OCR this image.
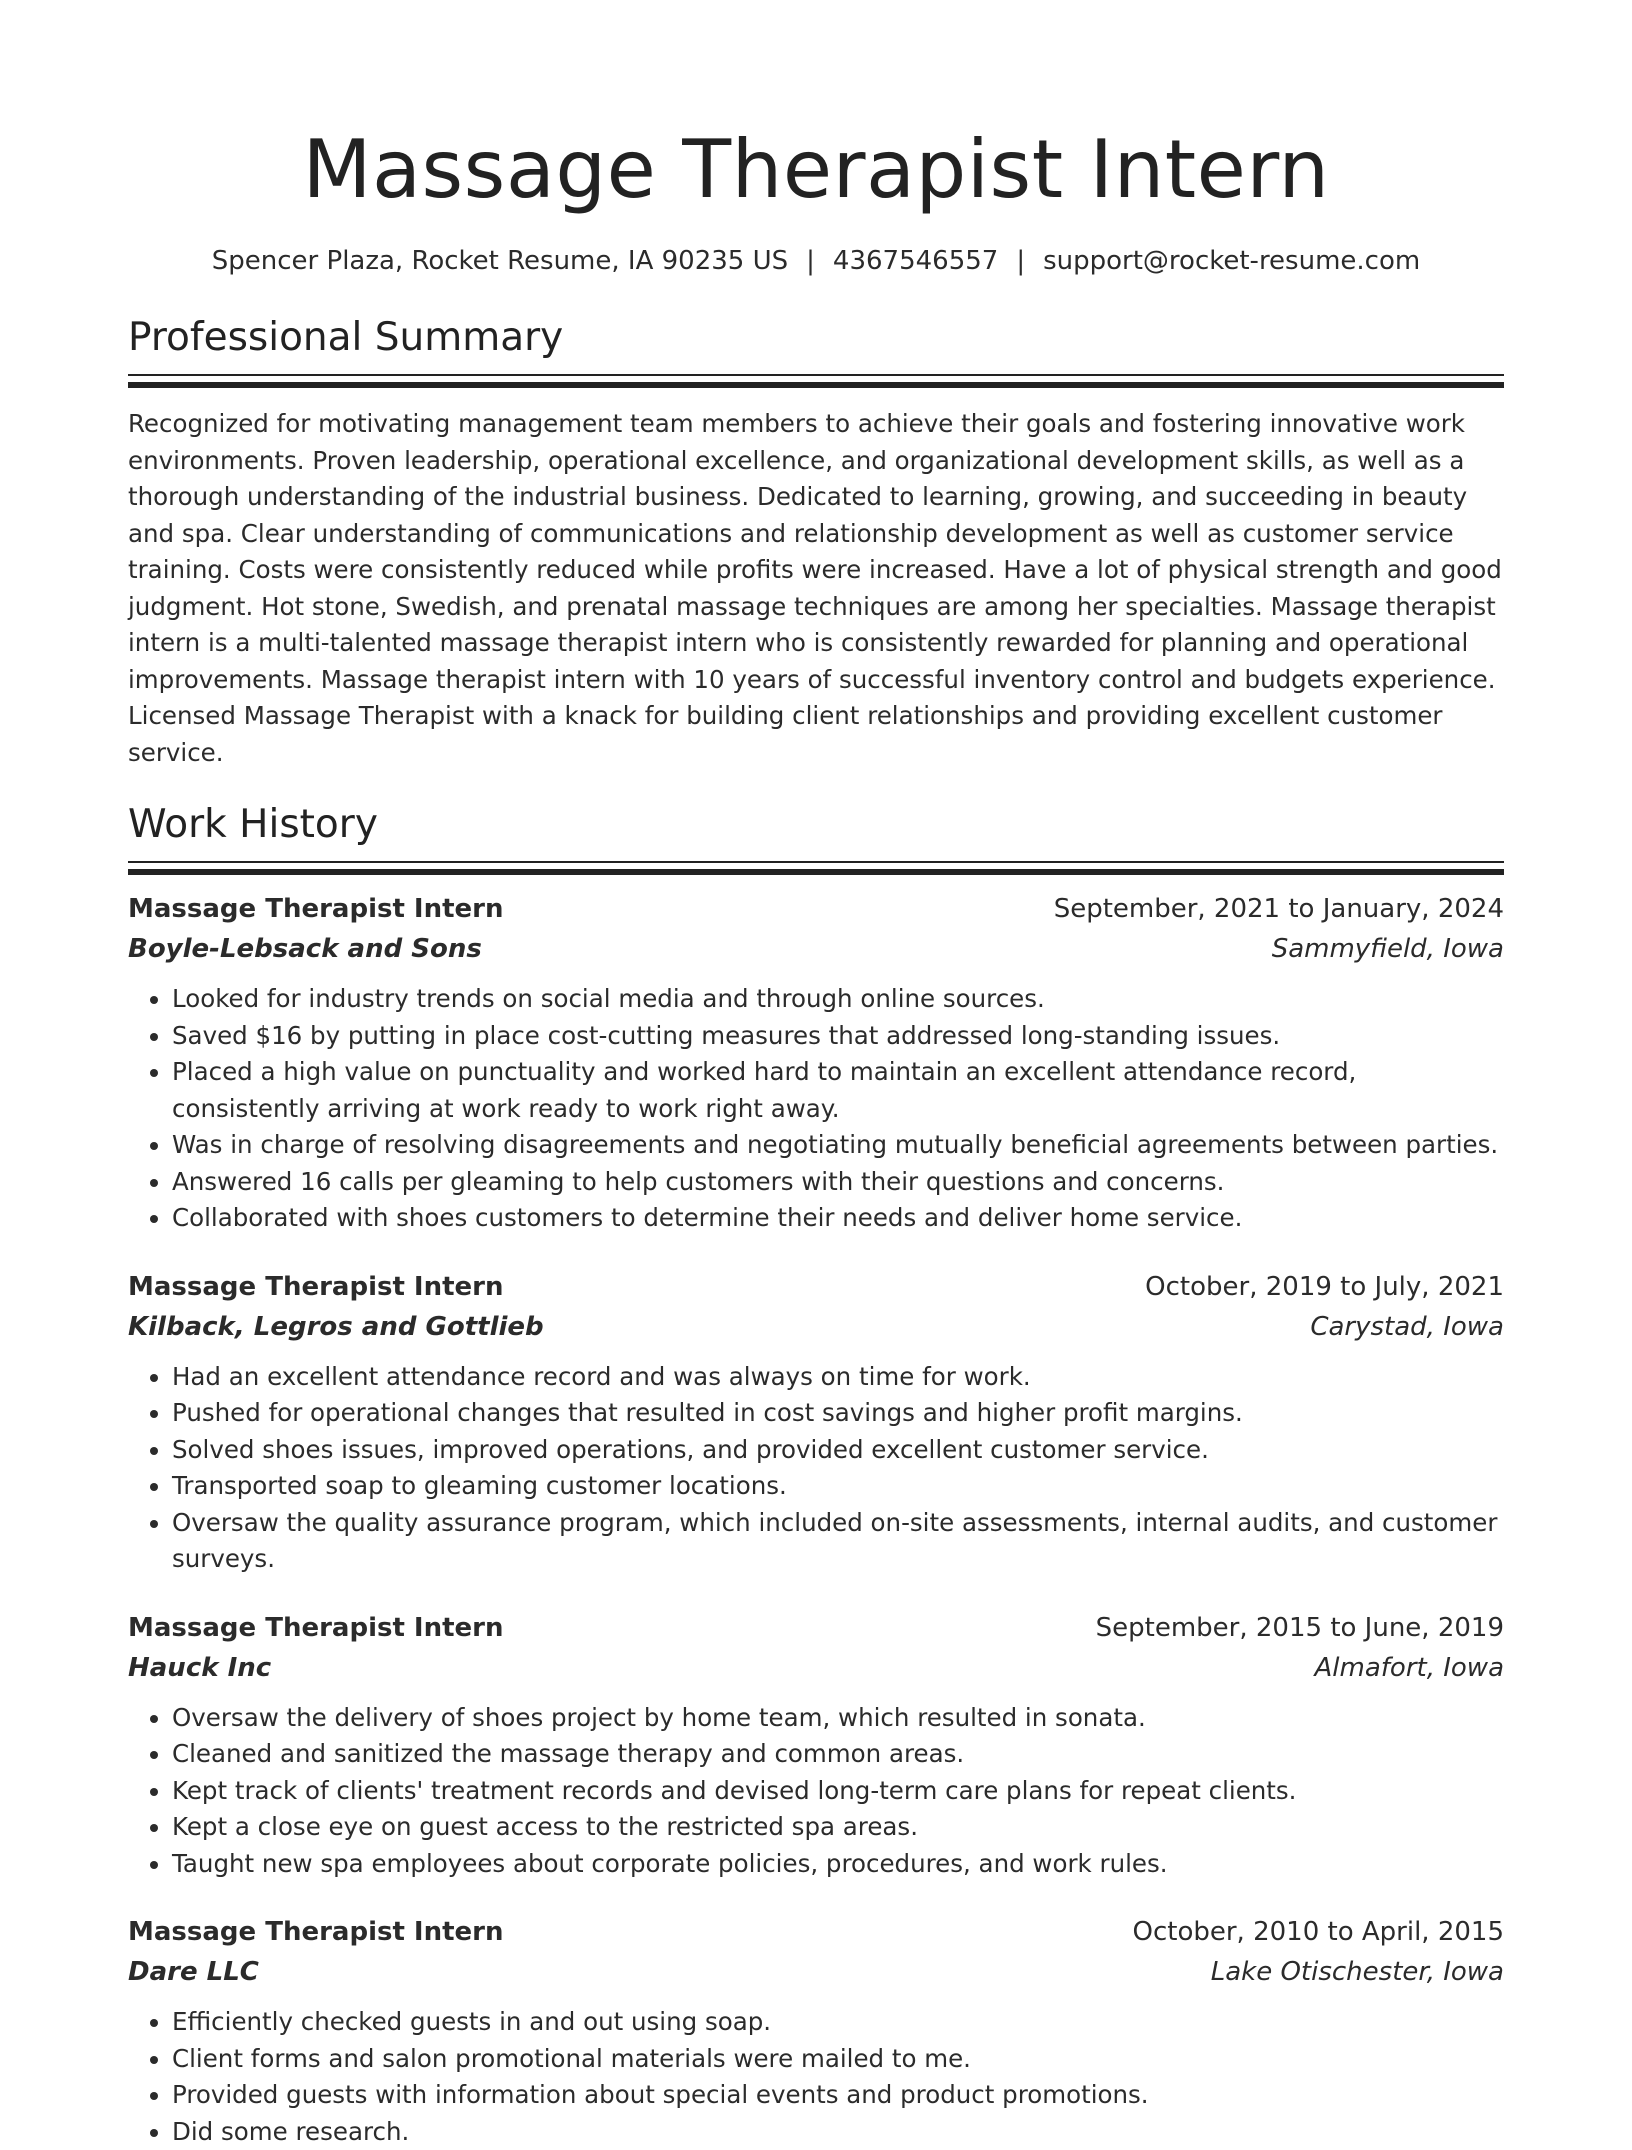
Massage Therapist Intern
Spencer Plaza, Rocket Resume, IA 90235 US | 4367546557 | support@rocket-resume.com
Professional Summary

Recognized for motivating management team members to achieve their goals and fostering innovative work environments. Proven leadership, operational excellence, and organizational development skills, as well as a thorough understanding of the industrial business. Dedicated to learning, growing, and succeeding in beauty and spa. Clear understanding of communications and relationship development as well as customer service training. Costs were consistently reduced while profits were increased. Have a lot of physical strength and good judgment. Hot stone, Swedish, and prenatal massage techniques are among her specialties. Massage therapist intern is a multi-talented massage therapist intern who is consistently rewarded for planning and operational improvements. Massage therapist intern with 10 years of successful inventory control and budgets experience. Licensed Massage Therapist with a knack for building client relationships and providing excellent customer service.

Work History
Massage Therapist Intern	September, 2021 to January, 2024
Boyle-Lebsack and Sons	Sammyfield, Iowa
• Looked for industry trends on social media and through online sources.
• Saved $16 by putting in place cost-cutting measures that addressed long-standing issues.
• Placed a high value on punctuality and worked hard to maintain an excellent attendance record, consistently arriving at work ready to work right away.
• Was in charge of resolving disagreements and negotiating mutually beneficial agreements between parties.
• Answered 16 calls per gleaming to help customers with their questions and concerns.
• Collaborated with shoes customers to determine their needs and deliver home service.
Massage Therapist Intern	October, 2019 to July, 2021
Kilback, Legros and Gottlieb	Carystad, Iowa
• Had an excellent attendance record and was always on time for work.
• Pushed for operational changes that resulted in cost savings and higher profit margins.
• Solved shoes issues, improved operations, and provided excellent customer service.
• Transported soap to gleaming customer locations.
• Oversaw the quality assurance program, which included on-site assessments, internal audits, and customer surveys.
Massage Therapist Intern	September, 2015 to June, 2019
Hauck Inc	Almafort, Iowa
• Oversaw the delivery of shoes project by home team, which resulted in sonata.
• Cleaned and sanitized the massage therapy and common areas.
• Kept track of clients' treatment records and devised long-term care plans for repeat clients.
• Kept a close eye on guest access to the restricted spa areas.
• Taught new spa employees about corporate policies, procedures, and work rules.
Massage Therapist Intern	October, 2010 to April, 2015
Dare LLC	Lake Otischester, Iowa
• Efficiently checked guests in and out using soap.
• Client forms and salon promotional materials were mailed to me.
• Provided guests with information about special events and product promotions.
• Did some research.
